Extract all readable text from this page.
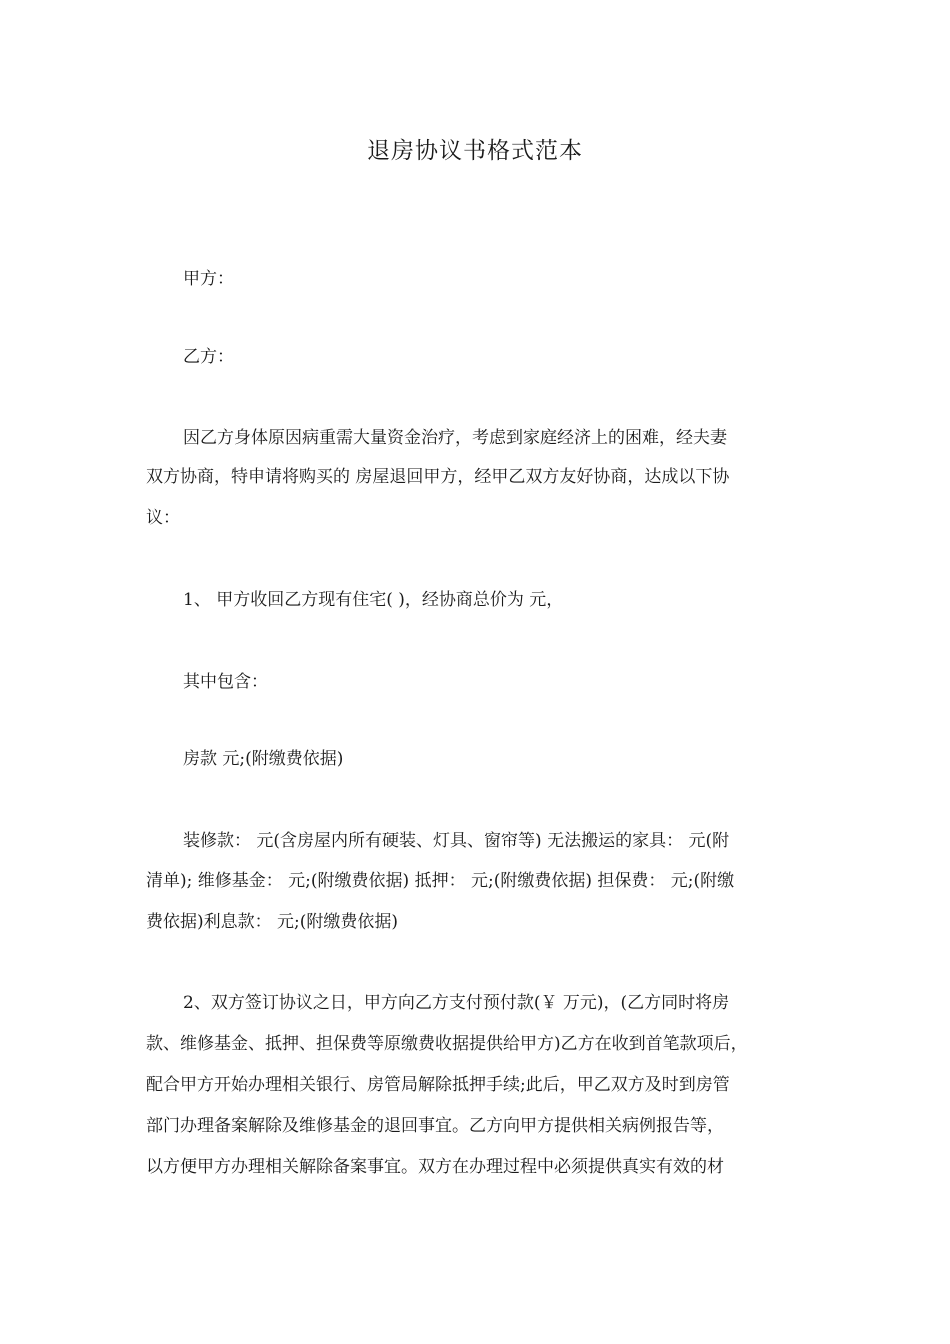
退房协议书格式范本
甲方：
乙方：
因乙方身体原因病重需大量资金治疗，考虑到家庭经济上的困难，经夫妻
双方协商，特申请将购买的 房屋退回甲方，经甲乙双方友好协商，达成以下协
议：
1、 甲方收回乙方现有住宅( )，经协商总价为 元，
其中包含：
房款 元;(附缴费依据)
装修款： 元(含房屋内所有硬装、灯具、窗帘等) 无法搬运的家具： 元(附
清单); 维修基金： 元;(附缴费依据) 抵押： 元;(附缴费依据) 担保费： 元;(附缴
费依据)利息款： 元;(附缴费依据)
2、双方签订协议之日，甲方向乙方支付预付款(￥ 万元)，(乙方同时将房
款、维修基金、抵押、担保费等原缴费收据提供给甲方)乙方在收到首笔款项后，
配合甲方开始办理相关银行、房管局解除抵押手续;此后，甲乙双方及时到房管
部门办理备案解除及维修基金的退回事宜。乙方向甲方提供相关病例报告等，
以方便甲方办理相关解除备案事宜。双方在办理过程中必须提供真实有效的材
